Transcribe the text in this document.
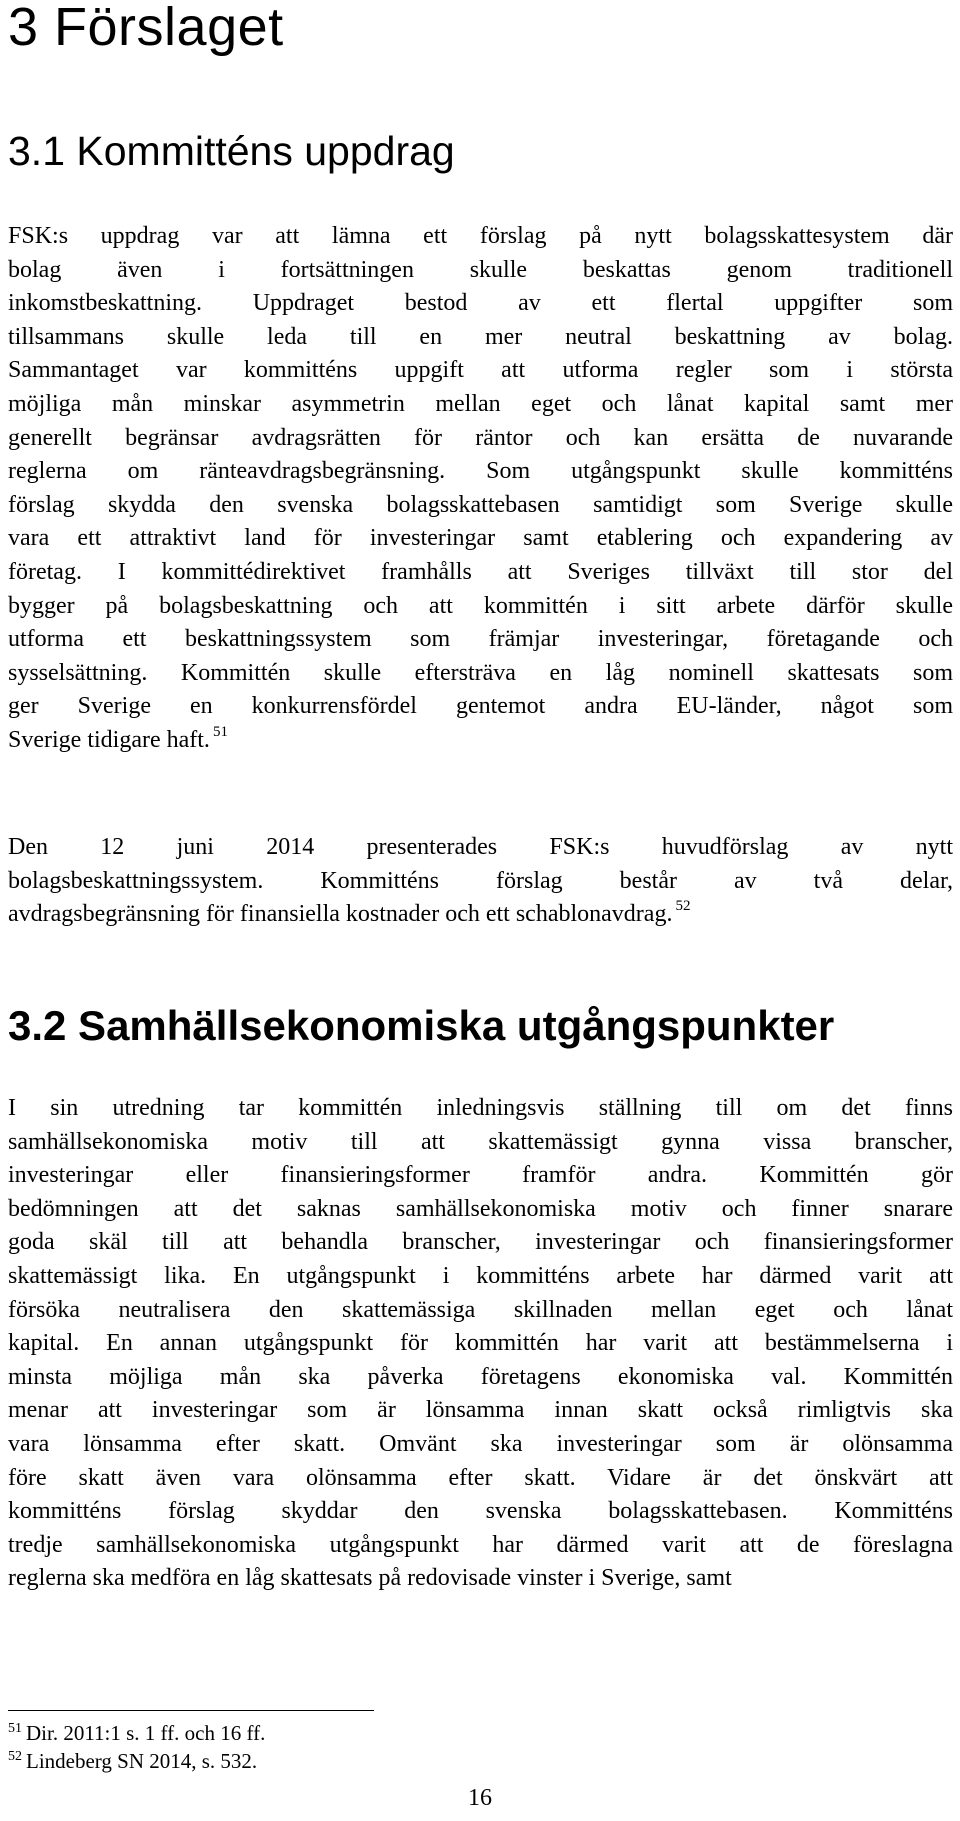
3 Förslaget
3.1 Kommitténs uppdrag
FSK:s uppdrag var att lämna ett förslag på nytt bolagsskattesystem där
bolag även i fortsättningen skulle beskattas genom traditionell
inkomstbeskattning. Uppdraget bestod av ett flertal uppgifter som
tillsammans skulle leda till en mer neutral beskattning av bolag.
Sammantaget var kommitténs uppgift att utforma regler som i största
möjliga mån minskar asymmetrin mellan eget och lånat kapital samt mer
generellt begränsar avdragsrätten för räntor och kan ersätta de nuvarande
reglerna om ränteavdragsbegränsning. Som utgångspunkt skulle kommitténs
förslag skydda den svenska bolagsskattebasen samtidigt som Sverige skulle
vara ett attraktivt land för investeringar samt etablering och expandering av
företag. I kommittédirektivet framhålls att Sveriges tillväxt till stor del
bygger på bolagsbeskattning och att kommittén i sitt arbete därför skulle
utforma ett beskattningssystem som främjar investeringar, företagande och
sysselsättning. Kommittén skulle eftersträva en låg nominell skattesats som
ger Sverige en konkurrensfördel gentemot andra EU-länder, något som
Sverige tidigare haft. $^{51}$
Den 12 juni 2014 presenterades FSK:s huvudförslag av nytt
bolagsbeskattningssystem. Kommitténs förslag består av två delar,
avdragsbegränsning för finansiella kostnader och ett schablonavdrag. $^{52}$
3.2 Samhällsekonomiska utgångspunkter
I sin utredning tar kommittén inledningsvis ställning till om det finns
samhällsekonomiska motiv till att skattemässigt gynna vissa branscher,
investeringar eller finansieringsformer framför andra. Kommittén gör
bedömningen att det saknas samhällsekonomiska motiv och finner snarare
goda skäl till att behandla branscher, investeringar och finansieringsformer
skattemässigt lika. En utgångspunkt i kommitténs arbete har därmed varit att
försöka neutralisera den skattemässiga skillnaden mellan eget och lånat
kapital. En annan utgångspunkt för kommittén har varit att bestämmelserna i
minsta möjliga mån ska påverka företagens ekonomiska val. Kommittén
menar att investeringar som är lönsamma innan skatt också rimligtvis ska
vara lönsamma efter skatt. Omvänt ska investeringar som är olönsamma
före skatt även vara olönsamma efter skatt. Vidare är det önskvärt att
kommitténs förslag skyddar den svenska bolagsskattebasen. Kommitténs
tredje samhällsekonomiska utgångspunkt har därmed varit att de föreslagna
reglerna ska medföra en låg skattesats på redovisade vinster i Sverige, samt

$^{51}$ Dir. 2011:1 s. 1 ff. och 16 ff.

$^{52}$ Lindeberg SN 2014, s. 532.

16
